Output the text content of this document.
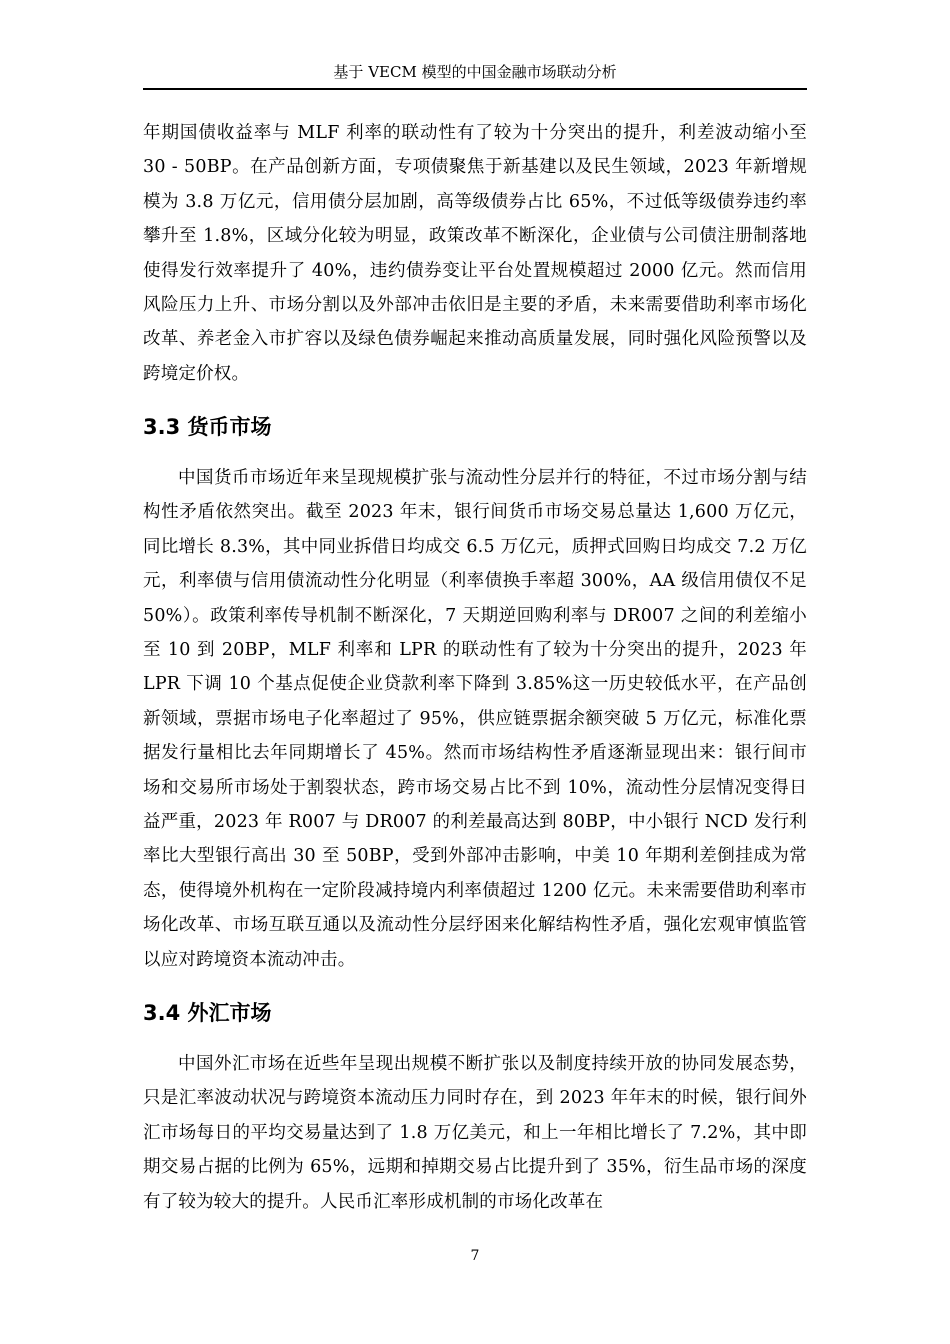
基于 VECM 模型的中国金融市场联动分析

年期国债收益率与 MLF 利率的联动性有了较为十分突出的提升，利差波动缩小至 30 - 50BP。在产品创新方面，专项债聚焦于新基建以及民生领域，2023 年新增规模为 3.8 万亿元，信用债分层加剧，高等级债券占比 65%，不过低等级债券违约率攀升至 1.8%，区域分化较为明显，政策改革不断深化，企业债与公司债注册制落地使得发行效率提升了 40%，违约债券变让平台处置规模超过 2000 亿元。然而信用风险压力上升、市场分割以及外部冲击依旧是主要的矛盾，未来需要借助利率市场化改革、养老金入市扩容以及绿色债券崛起来推动高质量发展，同时强化风险预警以及跨境定价权。

3.3 货币市场

中国货币市场近年来呈现规模扩张与流动性分层并行的特征，不过市场分割与结构性矛盾依然突出。截至 2023 年末，银行间货币市场交易总量达 1,600 万亿元，同比增长 8.3%，其中同业拆借日均成交 6.5 万亿元，质押式回购日均成交 7.2 万亿元，利率债与信用债流动性分化明显（利率债换手率超 300%，AA 级信用债仅不足 50%）。政策利率传导机制不断深化，7 天期逆回购利率与 DR007 之间的利差缩小至 10 到 20BP，MLF 利率和 LPR 的联动性有了较为十分突出的提升，2023 年 LPR 下调 10 个基点促使企业贷款利率下降到 3.85%这一历史较低水平，在产品创新领域，票据市场电子化率超过了 95%，供应链票据余额突破 5 万亿元，标准化票据发行量相比去年同期增长了 45%。然而市场结构性矛盾逐渐显现出来：银行间市场和交易所市场处于割裂状态，跨市场交易占比不到 10%，流动性分层情况变得日益严重，2023 年 R007 与 DR007 的利差最高达到 80BP，中小银行 NCD 发行利率比大型银行高出 30 至 50BP，受到外部冲击影响，中美 10 年期利差倒挂成为常态，使得境外机构在一定阶段减持境内利率债超过 1200 亿元。未来需要借助利率市场化改革、市场互联互通以及流动性分层纾困来化解结构性矛盾，强化宏观审慎监管以应对跨境资本流动冲击。

3.4 外汇市场

中国外汇市场在近些年呈现出规模不断扩张以及制度持续开放的协同发展态势，只是汇率波动状况与跨境资本流动压力同时存在，到 2023 年年末的时候，银行间外汇市场每日的平均交易量达到了 1.8 万亿美元，和上一年相比增长了 7.2%，其中即期交易占据的比例为 65%，远期和掉期交易占比提升到了 35%，衍生品市场的深度有了较为较大的提升。人民币汇率形成机制的市场化改革在

7
